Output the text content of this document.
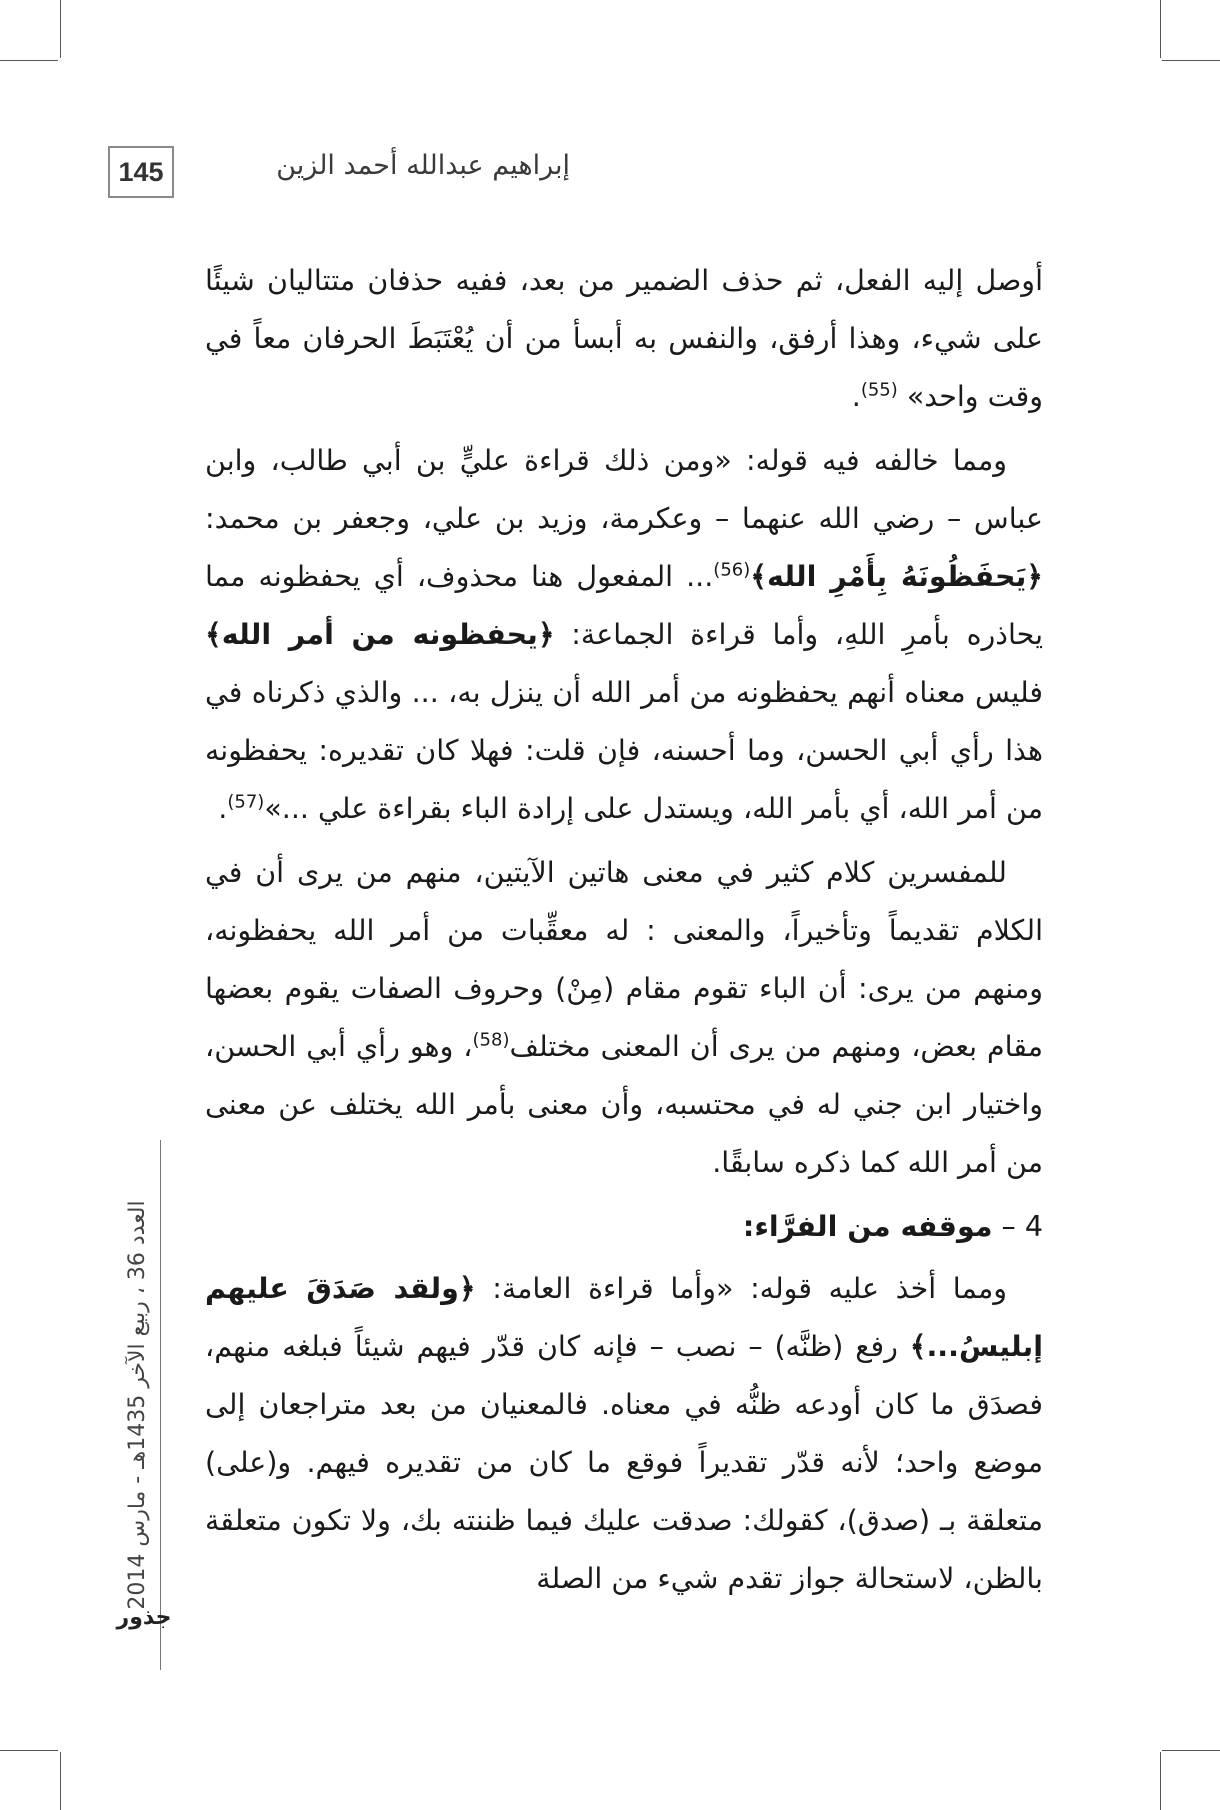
145	إبراهيم عبدالله أحمد الزين
العدد 36 ، ربيع الآخر 1435هـ - مارس 2014
جذور

أوصل إليه الفعل، ثم حذف الضمير من بعد، ففيه حذفان متتاليان شيئًا على شيء، وهذا أرفق، والنفس به أبسأ من أن يُعْتَبَطَ الحرفان معاً في وقت واحد» $^{(55)}$.

ومما خالفه فيه قوله: «ومن ذلك قراءة عليٍّ بن أبي طالب، وابن عباس – رضي الله عنهما – وعكرمة، وزيد بن علي، وجعفر بن محمد: ﴿يَحفَظُونَهُ بِأَمْرِ الله﴾$^{(56)}$... المفعول هنا محذوف، أي يحفظونه مما يحاذره بأمرِ اللهِ، وأما قراءة الجماعة: ﴿يحفظونه من أمر الله﴾ فليس معناه أنهم يحفظونه من أمر الله أن ينزل به، ... والذي ذكرناه في هذا رأي أبي الحسن، وما أحسنه، فإن قلت: فهلا كان تقديره: يحفظونه من أمر الله، أي بأمر الله، ويستدل على إرادة الباء بقراءة علي ...»$^{(57)}$.

للمفسرين كلام كثير في معنى هاتين الآيتين، منهم من يرى أن في الكلام تقديماً وتأخيراً، والمعنى : له معقِّبات من أمر الله يحفظونه، ومنهم من يرى: أن الباء تقوم مقام (مِنْ) وحروف الصفات يقوم بعضها مقام بعض، ومنهم من يرى أن المعنى مختلف$^{(58)}$، وهو رأي أبي الحسن، واختيار ابن جني له في محتسبه، وأن معنى بأمر الله يختلف عن معنى من أمر الله كما ذكره سابقًا.

4 – موقفه من الفرَّاء:

ومما أخذ عليه قوله: «وأما قراءة العامة: ﴿ولقد صَدَقَ عليهم إبليسُ...﴾ رفع (ظنَّه) – نصب – فإنه كان قدّر فيهم شيئاً فبلغه منهم، فصدَق ما كان أودعه ظنُّه في معناه. فالمعنيان من بعد متراجعان إلى موضع واحد؛ لأنه قدّر تقديراً فوقع ما كان من تقديره فيهم. و(على) متعلقة بـ (صدق)، كقولك: صدقت عليك فيما ظننته بك، ولا تكون متعلقة بالظن، لاستحالة جواز تقدم شيء من الصلة
